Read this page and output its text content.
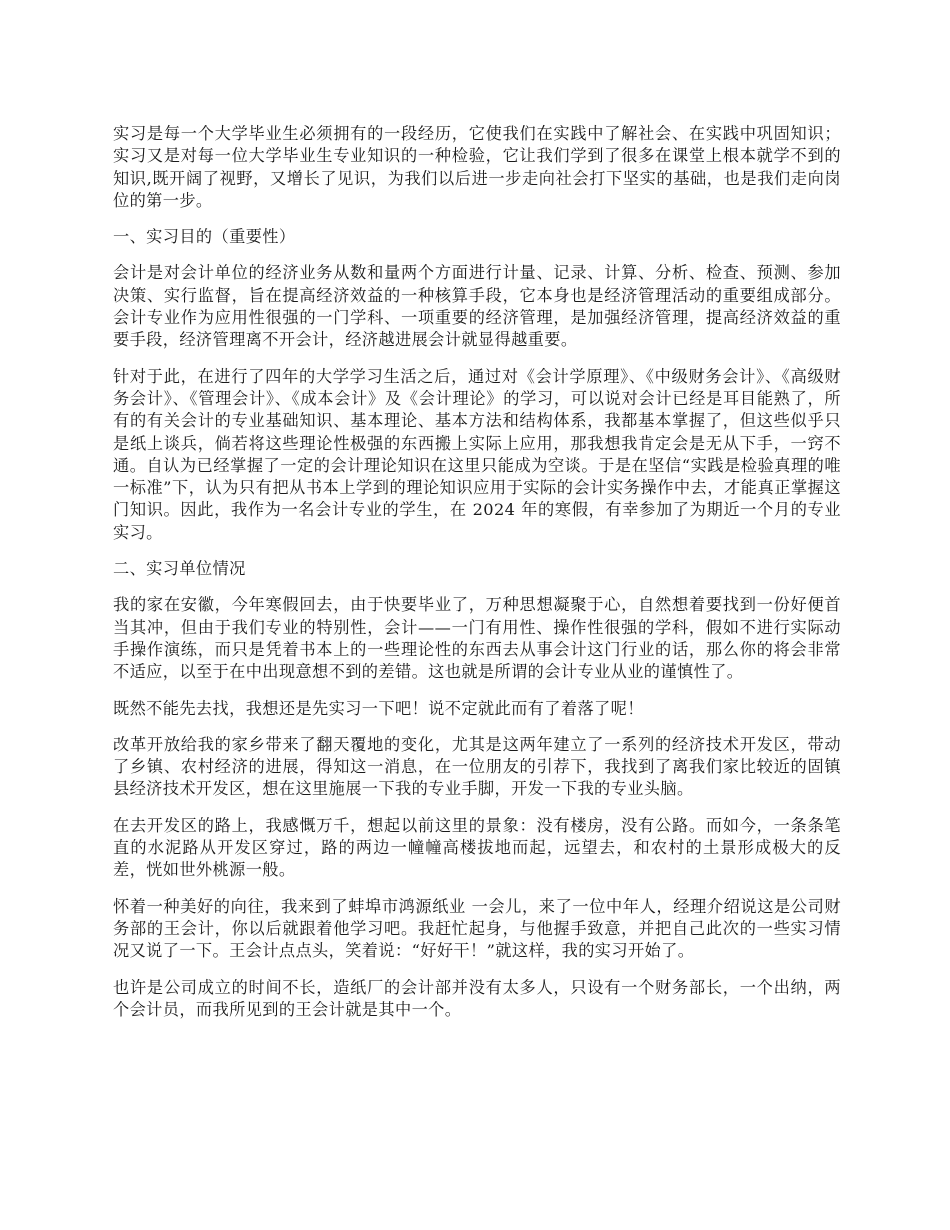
实习是每一个大学毕业生必须拥有的一段经历，它使我们在实践中了解社会、在实践中巩固知识；实习又是对每一位大学毕业生专业知识的一种检验，它让我们学到了很多在课堂上根本就学不到的知识,既开阔了视野，又增长了见识，为我们以后进一步走向社会打下坚实的基础，也是我们走向岗位的第一步。

一、实习目的（重要性）

会计是对会计单位的经济业务从数和量两个方面进行计量、记录、计算、分析、检查、预测、参加决策、实行监督，旨在提高经济效益的一种核算手段，它本身也是经济管理活动的重要组成部分。会计专业作为应用性很强的一门学科、一项重要的经济管理，是加强经济管理，提高经济效益的重要手段，经济管理离不开会计，经济越进展会计就显得越重要。

针对于此，在进行了四年的大学学习生活之后，通过对《会计学原理》、《中级财务会计》、《高级财务会计》、《管理会计》、《成本会计》及《会计理论》的学习，可以说对会计已经是耳目能熟了，所有的有关会计的专业基础知识、基本理论、基本方法和结构体系，我都基本掌握了，但这些似乎只是纸上谈兵，倘若将这些理论性极强的东西搬上实际上应用，那我想我肯定会是无从下手，一窍不通。自认为已经掌握了一定的会计理论知识在这里只能成为空谈。于是在坚信“实践是检验真理的唯一标准”下，认为只有把从书本上学到的理论知识应用于实际的会计实务操作中去，才能真正掌握这门知识。因此，我作为一名会计专业的学生，在 2024 年的寒假，有幸参加了为期近一个月的专业实习。

二、实习单位情况

我的家在安徽，今年寒假回去，由于快要毕业了，万种思想凝聚于心，自然想着要找到一份好便首当其冲，但由于我们专业的特别性，会计——一门有用性、操作性很强的学科，假如不进行实际动手操作演练，而只是凭着书本上的一些理论性的东西去从事会计这门行业的话，那么你的将会非常不适应，以至于在中出现意想不到的差错。这也就是所谓的会计专业从业的谨慎性了。

既然不能先去找，我想还是先实习一下吧！说不定就此而有了着落了呢！

改革开放给我的家乡带来了翻天覆地的变化，尤其是这两年建立了一系列的经济技术开发区，带动了乡镇、农村经济的进展，得知这一消息，在一位朋友的引荐下，我找到了离我们家比较近的固镇县经济技术开发区，想在这里施展一下我的专业手脚，开发一下我的专业头脑。

在去开发区的路上，我感慨万千，想起以前这里的景象：没有楼房，没有公路。而如今，一条条笔直的水泥路从开发区穿过，路的两边一幢幢高楼拔地而起，远望去，和农村的土景形成极大的反差，恍如世外桃源一般。

怀着一种美好的向往，我来到了蚌埠市鸿源纸业 一会儿，来了一位中年人，经理介绍说这是公司财务部的王会计，你以后就跟着他学习吧。我赶忙起身，与他握手致意，并把自己此次的一些实习情况又说了一下。王会计点点头，笑着说：“好好干！”就这样，我的实习开始了。

也许是公司成立的时间不长，造纸厂的会计部并没有太多人，只设有一个财务部长，一个出纳，两个会计员，而我所见到的王会计就是其中一个。
